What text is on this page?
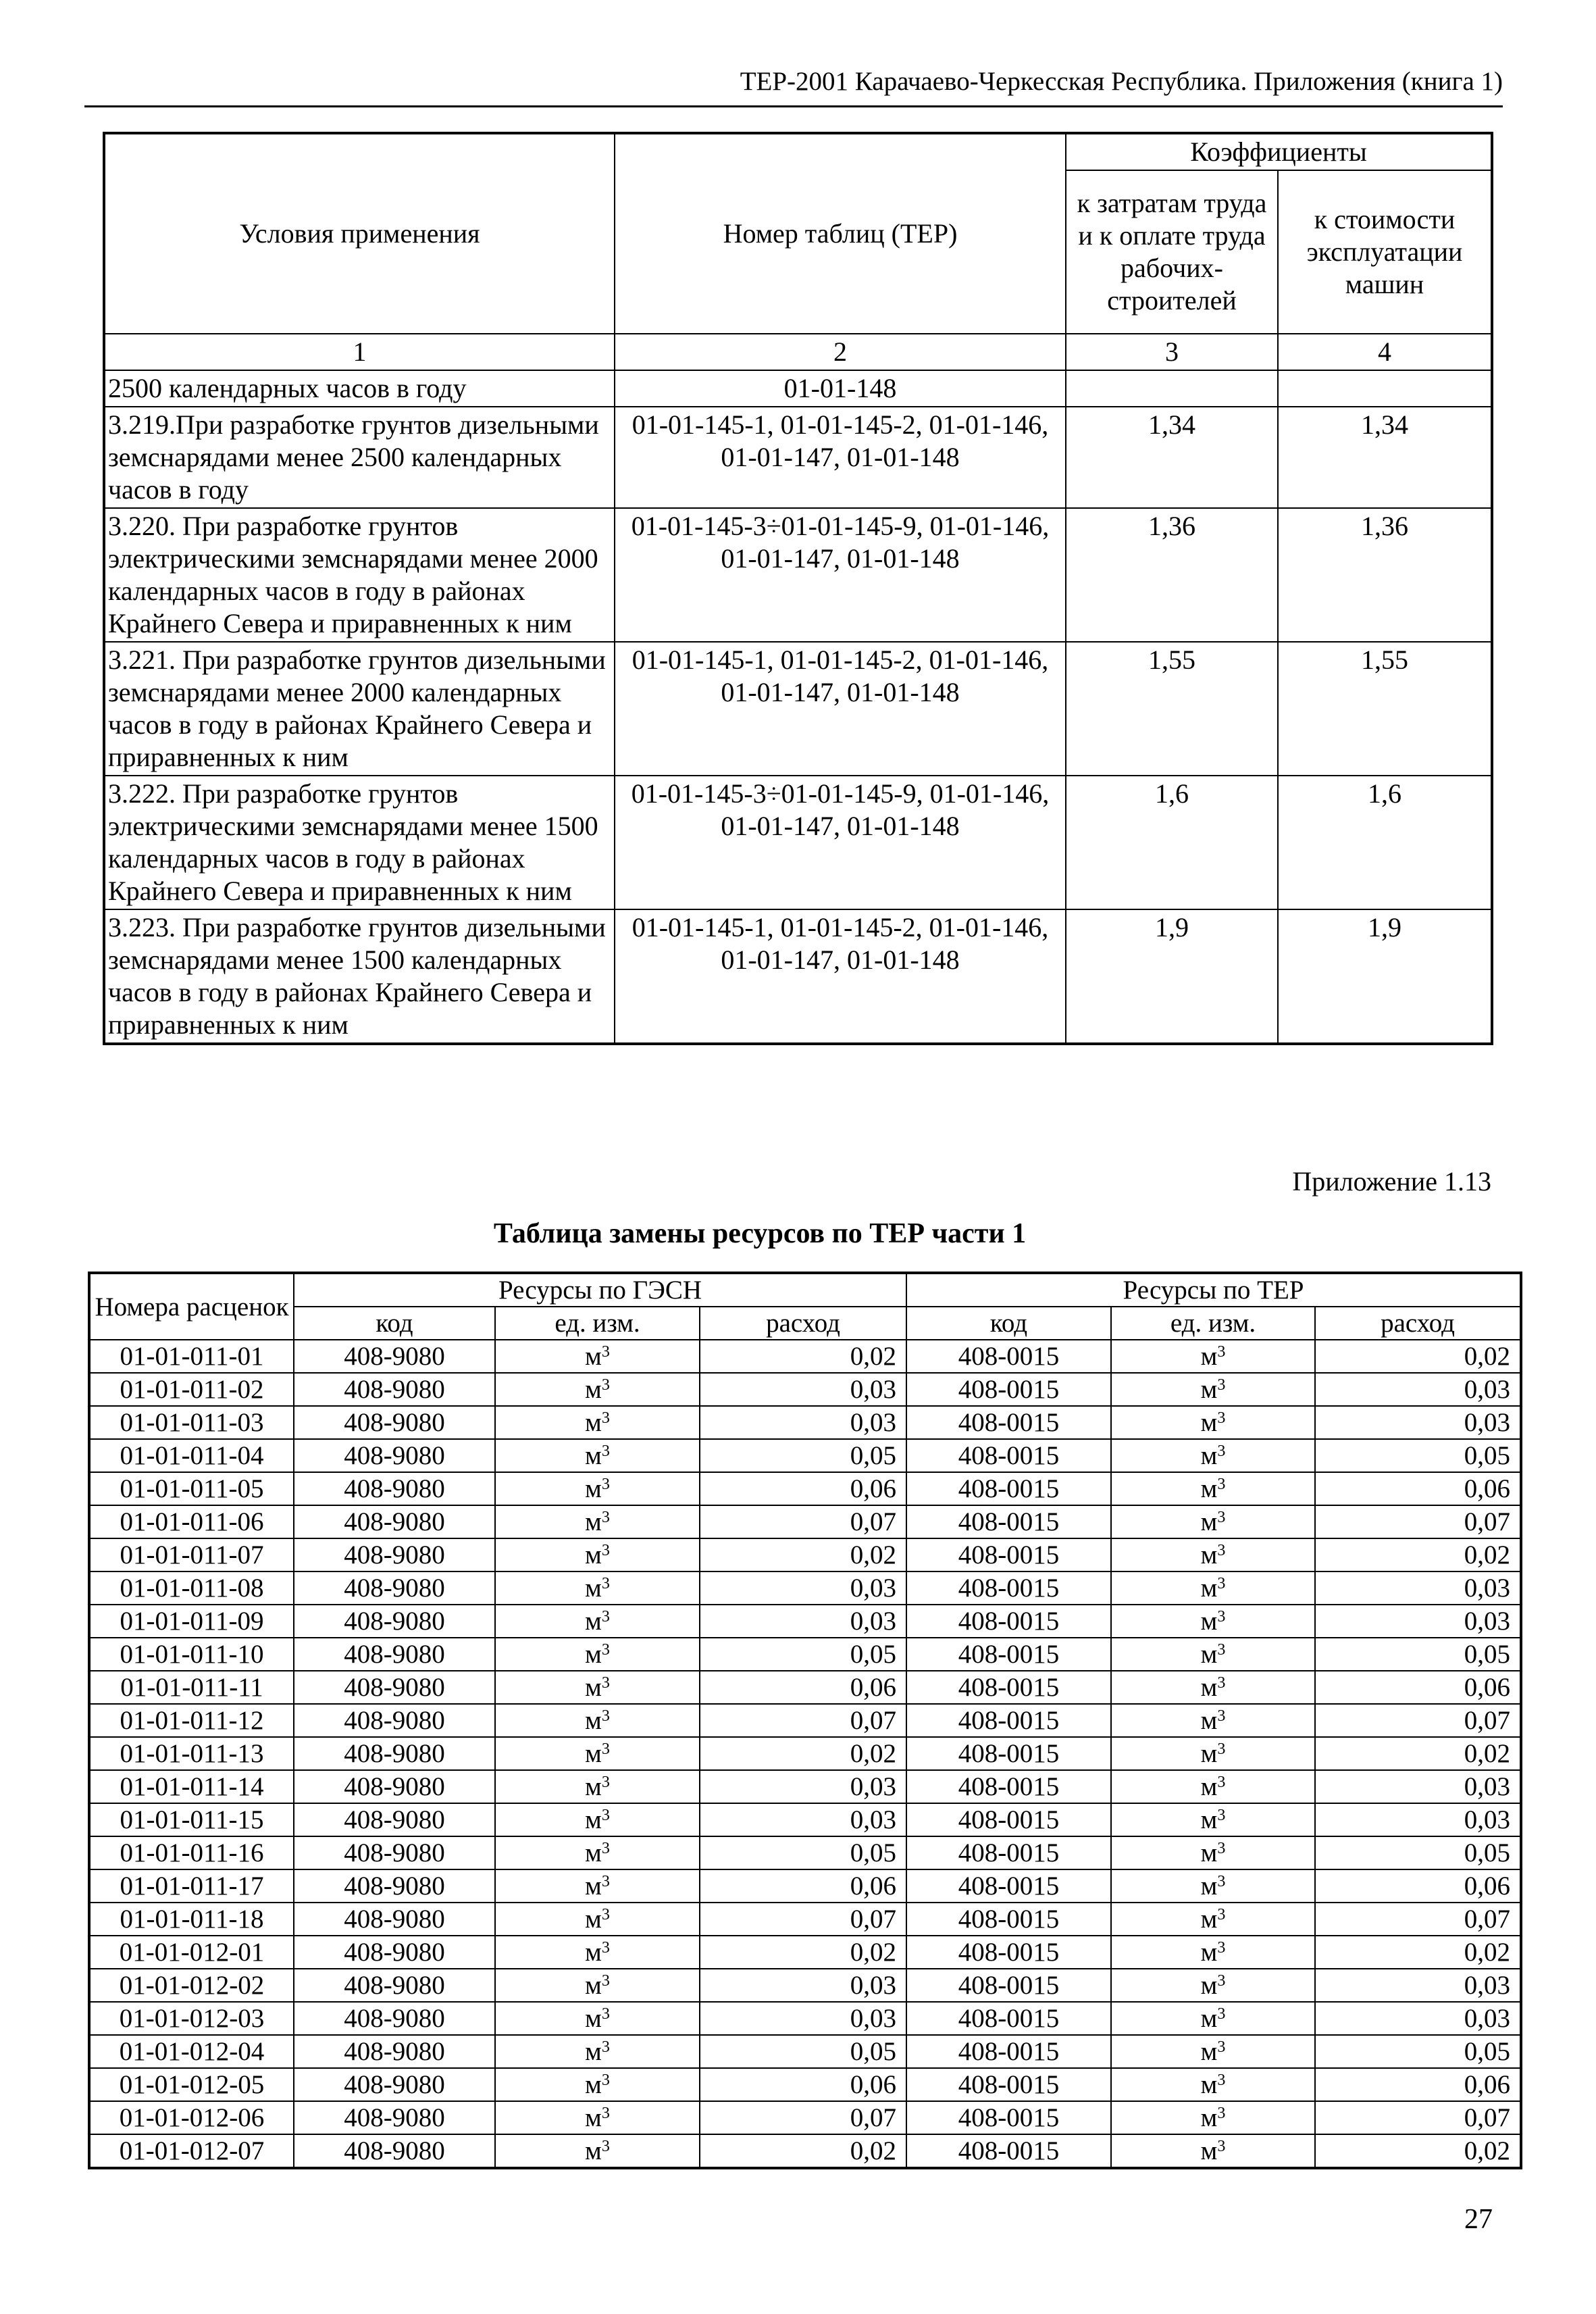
ТЕР-2001 Карачаево-Черкесская Республика. Приложения (книга 1)
Условия применения	Номер таблиц (ТЕР)	Коэффициенты	
		к затратам труда и к оплате труда рабочих-строителей	к стоимости эксплуатации машин
1	2	3	4
2500 календарных часов в году	01-01-148		
3.219.При разработке грунтов дизельными земснарядами менее 2500 календарных часов в году	01-01-145-1, 01-01-145-2, 01-01-146, 01-01-147, 01-01-148	1,34	1,34
3.220. При разработке грунтов электрическими земснарядами менее 2000 календарных часов в году в районах Крайнего Севера и приравненных к ним	01-01-145-3÷01-01-145-9, 01-01-146, 01-01-147, 01-01-148	1,36	1,36
3.221. При разработке грунтов дизельными земснарядами менее 2000 календарных часов в году в районах Крайнего Севера и приравненных к ним	01-01-145-1, 01-01-145-2, 01-01-146, 01-01-147, 01-01-148	1,55	1,55
3.222. При разработке грунтов электрическими земснарядами менее 1500 календарных часов в году в районах Крайнего Севера и приравненных к ним	01-01-145-3÷01-01-145-9, 01-01-146, 01-01-147, 01-01-148	1,6	1,6
3.223. При разработке грунтов дизельными земснарядами менее 1500 календарных часов в году в районах Крайнего Севера и приравненных к ним	01-01-145-1, 01-01-145-2, 01-01-146, 01-01-147, 01-01-148	1,9	1,9
Приложение 1.13
Таблица замены ресурсов по ТЕР части 1
Номера расценок	Ресурсы по ГЭСН			Ресурсы по ТЕР		
	код	ед. изм.	расход	код	ед. изм.	расход
01-01-011-01	408-9080	$м^3$	0,02	408-0015	$м^3$	0,02
01-01-011-02	408-9080	$м^3$	0,03	408-0015	$м^3$	0,03
01-01-011-03	408-9080	$м^3$	0,03	408-0015	$м^3$	0,03
01-01-011-04	408-9080	$м^3$	0,05	408-0015	$м^3$	0,05
01-01-011-05	408-9080	$м^3$	0,06	408-0015	$м^3$	0,06
01-01-011-06	408-9080	$м^3$	0,07	408-0015	$м^3$	0,07
01-01-011-07	408-9080	$м^3$	0,02	408-0015	$м^3$	0,02
01-01-011-08	408-9080	$м^3$	0,03	408-0015	$м^3$	0,03
01-01-011-09	408-9080	$м^3$	0,03	408-0015	$м^3$	0,03
01-01-011-10	408-9080	$м^3$	0,05	408-0015	$м^3$	0,05
01-01-011-11	408-9080	$м^3$	0,06	408-0015	$м^3$	0,06
01-01-011-12	408-9080	$м^3$	0,07	408-0015	$м^3$	0,07
01-01-011-13	408-9080	$м^3$	0,02	408-0015	$м^3$	0,02
01-01-011-14	408-9080	$м^3$	0,03	408-0015	$м^3$	0,03
01-01-011-15	408-9080	$м^3$	0,03	408-0015	$м^3$	0,03
01-01-011-16	408-9080	$м^3$	0,05	408-0015	$м^3$	0,05
01-01-011-17	408-9080	$м^3$	0,06	408-0015	$м^3$	0,06
01-01-011-18	408-9080	$м^3$	0,07	408-0015	$м^3$	0,07
01-01-012-01	408-9080	$м^3$	0,02	408-0015	$м^3$	0,02
01-01-012-02	408-9080	$м^3$	0,03	408-0015	$м^3$	0,03
01-01-012-03	408-9080	$м^3$	0,03	408-0015	$м^3$	0,03
01-01-012-04	408-9080	$м^3$	0,05	408-0015	$м^3$	0,05
01-01-012-05	408-9080	$м^3$	0,06	408-0015	$м^3$	0,06
01-01-012-06	408-9080	$м^3$	0,07	408-0015	$м^3$	0,07
01-01-012-07	408-9080	$м^3$	0,02	408-0015	$м^3$	0,02
27
